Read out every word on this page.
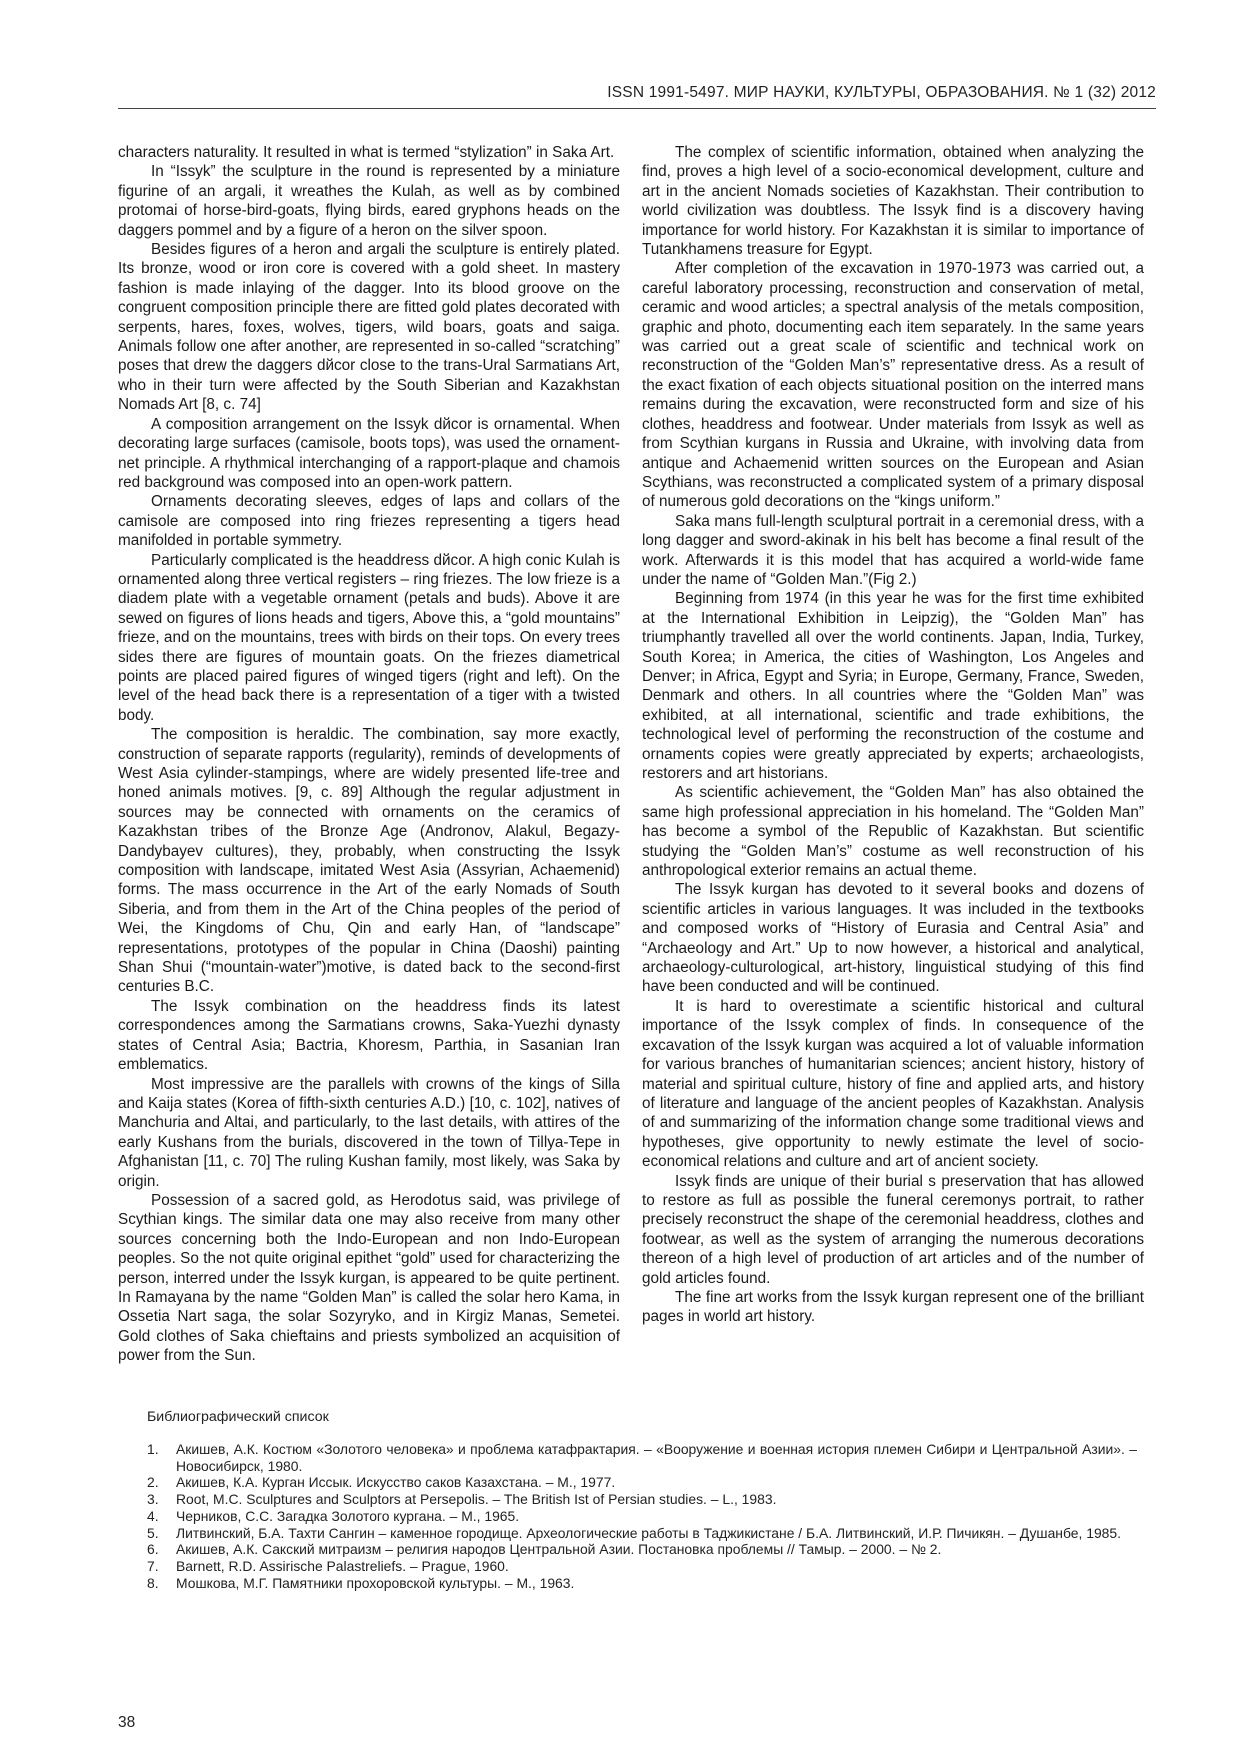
ISSN 1991-5497. МИР НАУКИ, КУЛЬТУРЫ, ОБРАЗОВАНИЯ. № 1 (32) 2012

characters naturality. It resulted in what is termed “stylization” in Saka Art.

In “Issyk” the sculpture in the round is represented by a miniature figurine of an argali, it wreathes the Kulah, as well as by combined protomai of horse-bird-goats, flying birds, eared gryphons heads on the daggers pommel and by a figure of a heron on the silver spoon.

Besides figures of a heron and argali the sculpture is entirely plated. Its bronze, wood or iron core is covered with a gold sheet. In mastery fashion is made inlaying of the dagger. Into its blood groove on the congruent composition principle there are fitted gold plates decorated with serpents, hares, foxes, wolves, tigers, wild boars, goats and saiga. Animals follow one after another, are represented in so-called “scratching” poses that drew the daggers dйcor close to the trans-Ural Sarmatians Art, who in their turn were affected by the South Siberian and Kazakhstan Nomads Art [8, c. 74]

A composition arrangement on the Issyk dйcor is ornamental. When decorating large surfaces (camisole, boots tops), was used the ornament-net principle. A rhythmical interchanging of a rapport-plaque and chamois red background was composed into an open-work pattern.

Ornaments decorating sleeves, edges of laps and collars of the camisole are composed into ring friezes representing a tigers head manifolded in portable symmetry.

Particularly complicated is the headdress dйcor. A high conic Kulah is ornamented along three vertical registers – ring friezes. The low frieze is a diadem plate with a vegetable ornament (petals and buds). Above it are sewed on figures of lions heads and tigers, Above this, a “gold mountains” frieze, and on the mountains, trees with birds on their tops. On every trees sides there are figures of mountain goats. On the friezes diametrical points are placed paired figures of winged tigers (right and left). On the level of the head back there is a representation of a tiger with a twisted body.

The composition is heraldic. The combination, say more exactly, construction of separate rapports (regularity), reminds of developments of West Asia cylinder-stampings, where are widely presented life-tree and honed animals motives. [9, c. 89] Although the regular adjustment in sources may be connected with ornaments on the ceramics of Kazakhstan tribes of the Bronze Age (Andronov, Alakul, Begazy-Dandybayev cultures), they, probably, when constructing the Issyk composition with landscape, imitated West Asia (Assyrian, Achaemenid) forms. The mass occurrence in the Art of the early Nomads of South Siberia, and from them in the Art of the China peoples of the period of Wei, the Kingdoms of Chu, Qin and early Han, of “landscape” representations, prototypes of the popular in China (Daoshi) painting Shan Shui (“mountain-water”)motive, is dated back to the second-first centuries B.C.

The Issyk combination on the headdress finds its latest correspondences among the Sarmatians crowns, Saka-Yuezhi dynasty states of Central Asia; Bactria, Khoresm, Parthia, in Sasanian Iran emblematics.

Most impressive are the parallels with crowns of the kings of Silla and Kaija states (Korea of fifth-sixth centuries A.D.) [10, c. 102], natives of Manchuria and Altai, and particularly, to the last details, with attires of the early Kushans from the burials, discovered in the town of Tillya-Tepe in Afghanistan [11, c. 70] The ruling Kushan family, most likely, was Saka by origin.

Possession of a sacred gold, as Herodotus said, was privilege of Scythian kings. The similar data one may also receive from many other sources concerning both the Indo-European and non Indo-European peoples. So the not quite original epithet “gold” used for characterizing the person, interred under the Issyk kurgan, is appeared to be quite pertinent. In Ramayana by the name “Golden Man” is called the solar hero Kama, in Ossetia Nart saga, the solar Sozyryko, and in Kirgiz Manas, Semetei. Gold clothes of Saka chieftains and priests symbolized an acquisition of power from the Sun.

The complex of scientific information, obtained when analyzing the find, proves a high level of a socio-economical development, culture and art in the ancient Nomads societies of Kazakhstan. Their contribution to world civilization was doubtless. The Issyk find is a discovery having importance for world history. For Kazakhstan it is similar to importance of Tutankhamens treasure for Egypt.

After completion of the excavation in 1970-1973 was carried out, a careful laboratory processing, reconstruction and conservation of metal, ceramic and wood articles; a spectral analysis of the metals composition, graphic and photo, documenting each item separately. In the same years was carried out a great scale of scientific and technical work on reconstruction of the “Golden Man’s” representative dress. As a result of the exact fixation of each objects situational position on the interred mans remains during the excavation, were reconstructed form and size of his clothes, headdress and footwear. Under materials from Issyk as well as from Scythian kurgans in Russia and Ukraine, with involving data from antique and Achaemenid written sources on the European and Asian Scythians, was reconstructed a complicated system of a primary disposal of numerous gold decorations on the “kings uniform.”

Saka mans full-length sculptural portrait in a ceremonial dress, with a long dagger and sword-akinak in his belt has become a final result of the work. Afterwards it is this model that has acquired a world-wide fame under the name of “Golden Man.”(Fig 2.)

Beginning from 1974 (in this year he was for the first time exhibited at the International Exhibition in Leipzig), the “Golden Man” has triumphantly travelled all over the world continents. Japan, India, Turkey, South Korea; in America, the cities of Washington, Los Angeles and Denver; in Africa, Egypt and Syria; in Europe, Germany, France, Sweden, Denmark and others. In all countries where the “Golden Man” was exhibited, at all international, scientific and trade exhibitions, the technological level of performing the reconstruction of the costume and ornaments copies were greatly appreciated by experts; archaeologists, restorers and art historians.

As scientific achievement, the “Golden Man” has also obtained the same high professional appreciation in his homeland. The “Golden Man” has become a symbol of the Republic of Kazakhstan. But scientific studying the “Golden Man’s” costume as well reconstruction of his anthropological exterior remains an actual theme.

The Issyk kurgan has devoted to it several books and dozens of scientific articles in various languages. It was included in the textbooks and composed works of “History of Eurasia and Central Asia” and “Archaeology and Art.” Up to now however, a historical and analytical, archaeology-culturological, art-history, linguistical studying of this find have been conducted and will be continued.

It is hard to overestimate a scientific historical and cultural importance of the Issyk complex of finds. In consequence of the excavation of the Issyk kurgan was acquired a lot of valuable information for various branches of humanitarian sciences; ancient history, history of material and spiritual culture, history of fine and applied arts, and history of literature and language of the ancient peoples of Kazakhstan. Analysis of and summarizing of the information change some traditional views and hypotheses, give opportunity to newly estimate the level of socio-economical relations and culture and art of ancient society.

Issyk finds are unique of their burial s preservation that has allowed to restore as full as possible the funeral ceremonys portrait, to rather precisely reconstruct the shape of the ceremonial headdress, clothes and footwear, as well as the system of arranging the numerous decorations thereon of a high level of production of art articles and of the number of gold articles found.

The fine art works from the Issyk kurgan represent one of the brilliant pages in world art history.

Библиографический список
1. Акишев, А.К. Костюм «Золотого человека» и проблема катафрактария. – «Вооружение и военная история племен Сибири и Центральной Азии». – Новосибирск, 1980.
2. Акишев, К.А. Курган Иссык. Искусство саков Казахстана. – М., 1977.
3. Root, M.C. Sculptures and Sculptors at Persepolis. – The British Ist of Persian studies. – L., 1983.
4. Черников, С.С. Загадка Золотого кургана. – М., 1965.
5. Литвинский, Б.А. Тахти Сангин – каменное городище. Археологические работы в Таджикистане / Б.А. Литвинский, И.Р. Пичикян. – Душанбе, 1985.
6. Акишев, А.К. Сакский митраизм – религия народов Центральной Азии. Постановка проблемы // Тамыр. – 2000. – № 2.
7. Barnett, R.D. Assirische Palastreliefs. – Prague, 1960.
8. Мошкова, М.Г. Памятники прохоровской культуры. – М., 1963.
38
